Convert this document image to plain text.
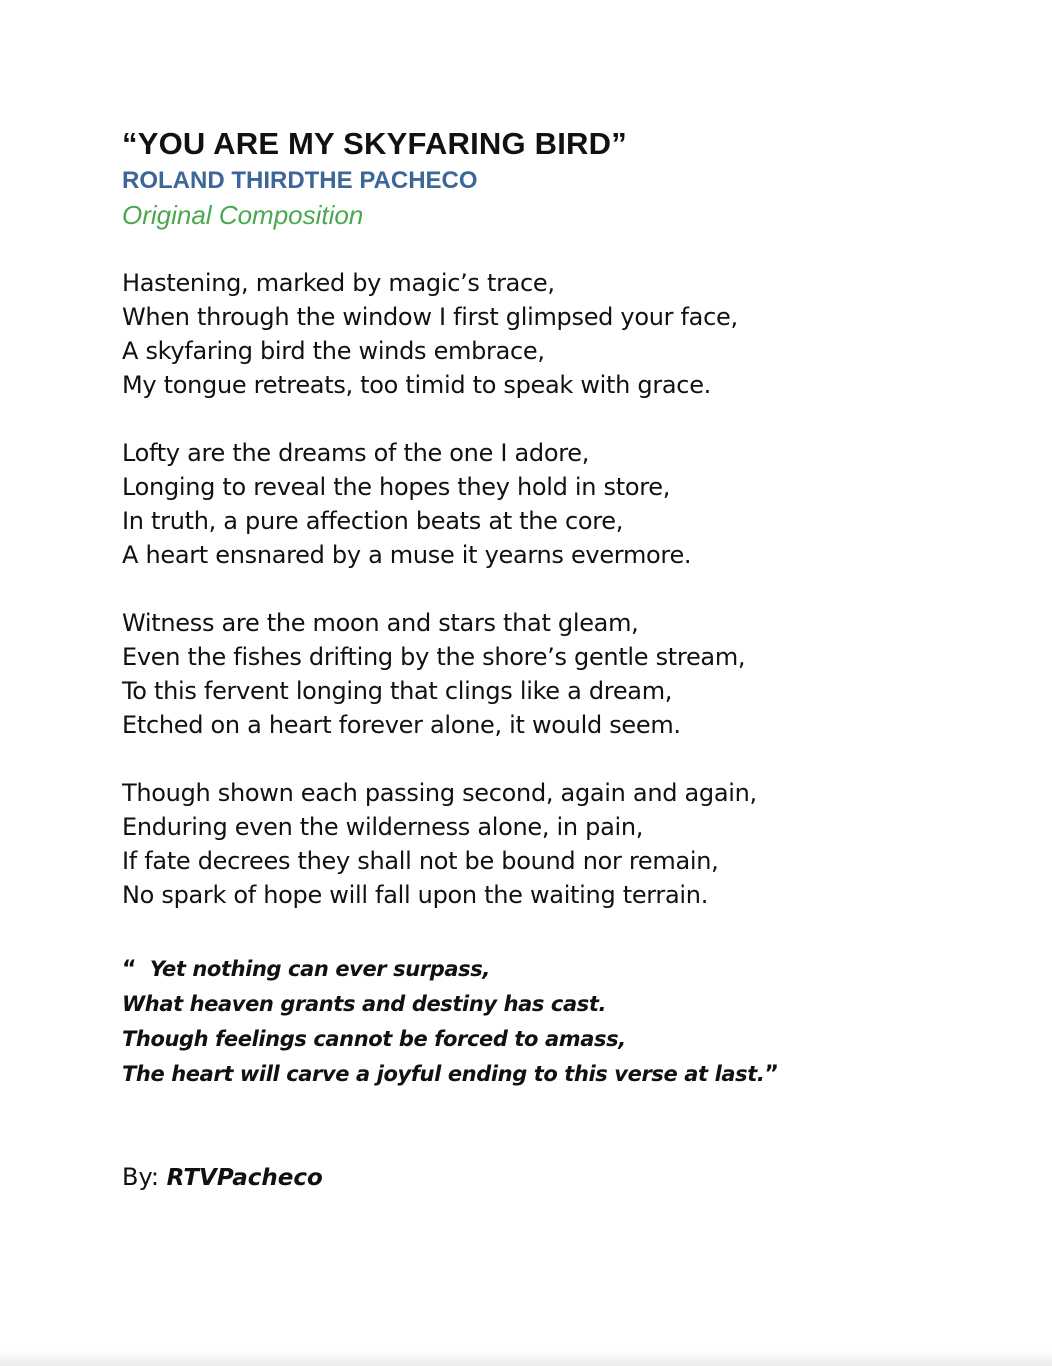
“YOU ARE MY SKYFARING BIRD”

ROLAND THIRDTHE PACHECO

Original Composition

Hastening, marked by magic’s trace,
When through the window I first glimpsed your face,
A skyfaring bird the winds embrace,
My tongue retreats, too timid to speak with grace.
Lofty are the dreams of the one I adore,
Longing to reveal the hopes they hold in store,
In truth, a pure affection beats at the core,
A heart ensnared by a muse it yearns evermore.
Witness are the moon and stars that gleam,
Even the fishes drifting by the shore’s gentle stream,
To this fervent longing that clings like a dream,
Etched on a heart forever alone, it would seem.
Though shown each passing second, again and again,
Enduring even the wilderness alone, in pain,
If fate decrees they shall not be bound nor remain,
No spark of hope will fall upon the waiting terrain.
“ Yet nothing can ever surpass,
What heaven grants and destiny has cast.
Though feelings cannot be forced to amass,
The heart will carve a joyful ending to this verse at last.”
By: RTVPacheco
